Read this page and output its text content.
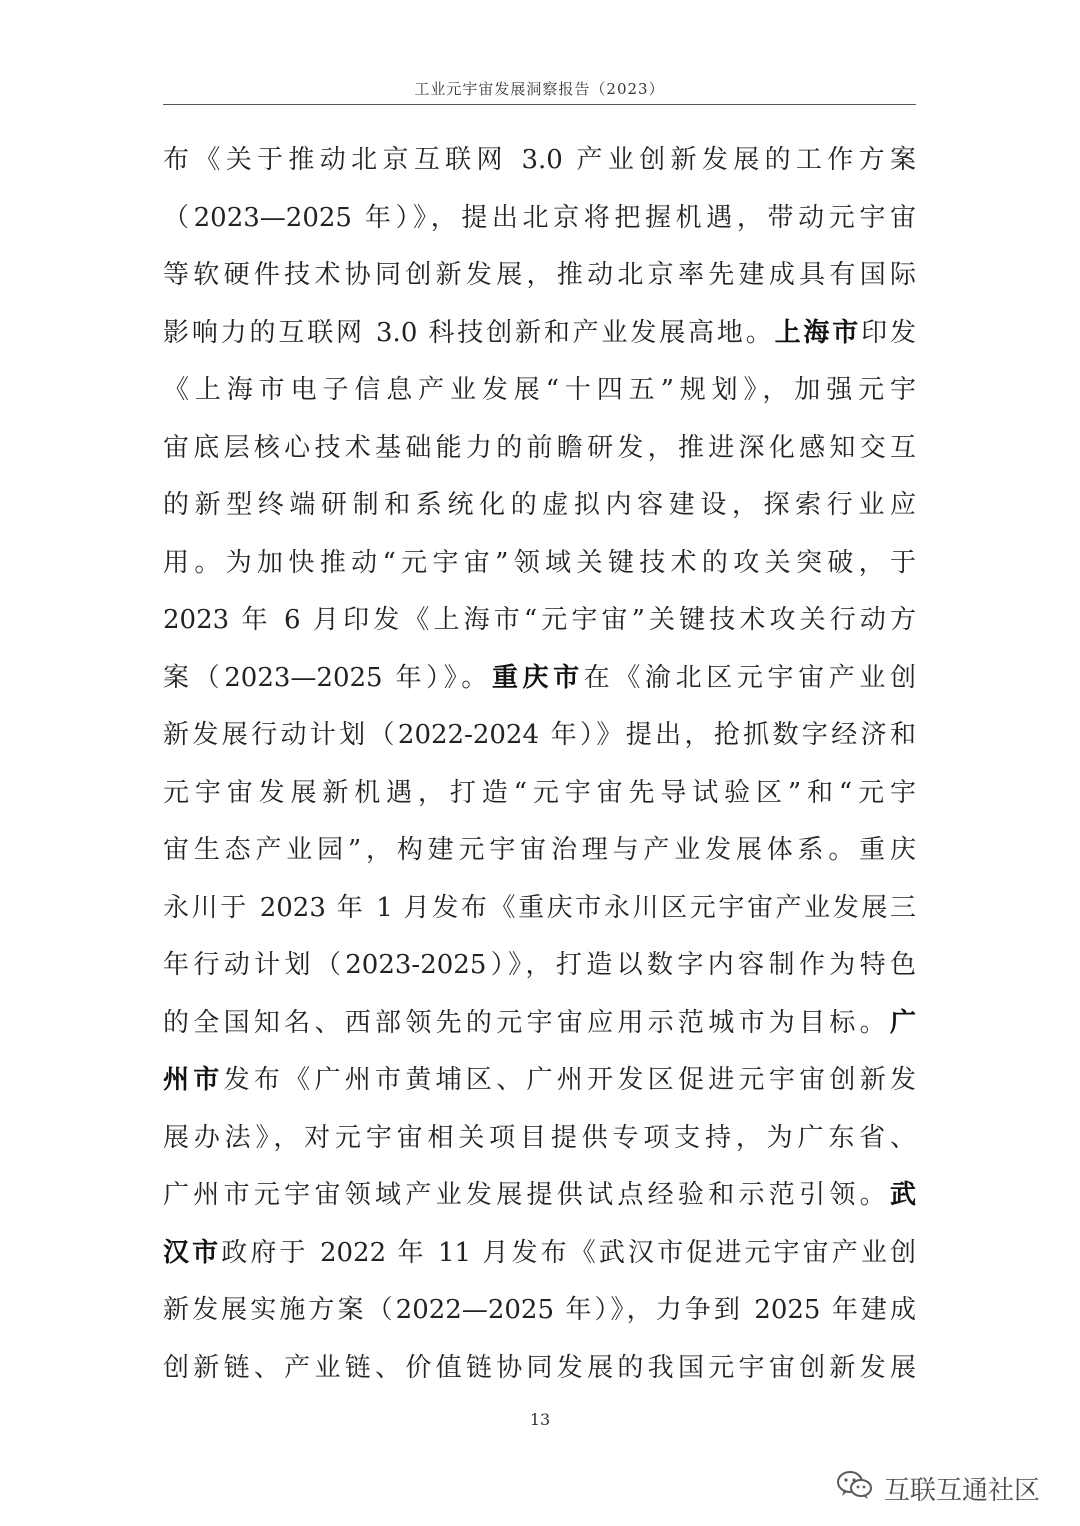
工业元宇宙发展洞察报告（2023）
布《关于推动北京互联网 3.0 产业创新发展的工作方案
（2023—2025 年）》，提出北京将把握机遇，带动元宇宙
等软硬件技术协同创新发展，推动北京率先建成具有国际
影响力的互联网 3.0 科技创新和产业发展高地。上海市印发
《上海市电子信息产业发展“十四五”规划》，加强元宇
宙底层核心技术基础能力的前瞻研发，推进深化感知交互
的新型终端研制和系统化的虚拟内容建设，探索行业应
用。为加快推动“元宇宙”领域关键技术的攻关突破，于
2023 年 6 月印发《上海市“元宇宙”关键技术攻关行动方
案（2023—2025 年）》。重庆市在《渝北区元宇宙产业创
新发展行动计划（2022-2024 年）》提出，抢抓数字经济和
元宇宙发展新机遇，打造“元宇宙先导试验区”和“元宇
宙生态产业园”，构建元宇宙治理与产业发展体系。重庆
永川于 2023 年 1 月发布《重庆市永川区元宇宙产业发展三
年行动计划（2023-2025）》，打造以数字内容制作为特色
的全国知名、西部领先的元宇宙应用示范城市为目标。广
州市发布《广州市黄埔区、广州开发区促进元宇宙创新发
展办法》，对元宇宙相关项目提供专项支持，为广东省、
广州市元宇宙领域产业发展提供试点经验和示范引领。武
汉市政府于 2022 年 11 月发布《武汉市促进元宇宙产业创
新发展实施方案（2022—2025 年）》，力争到 2025 年建成
创新链、产业链、价值链协同发展的我国元宇宙创新发展
13
互联互通社区
